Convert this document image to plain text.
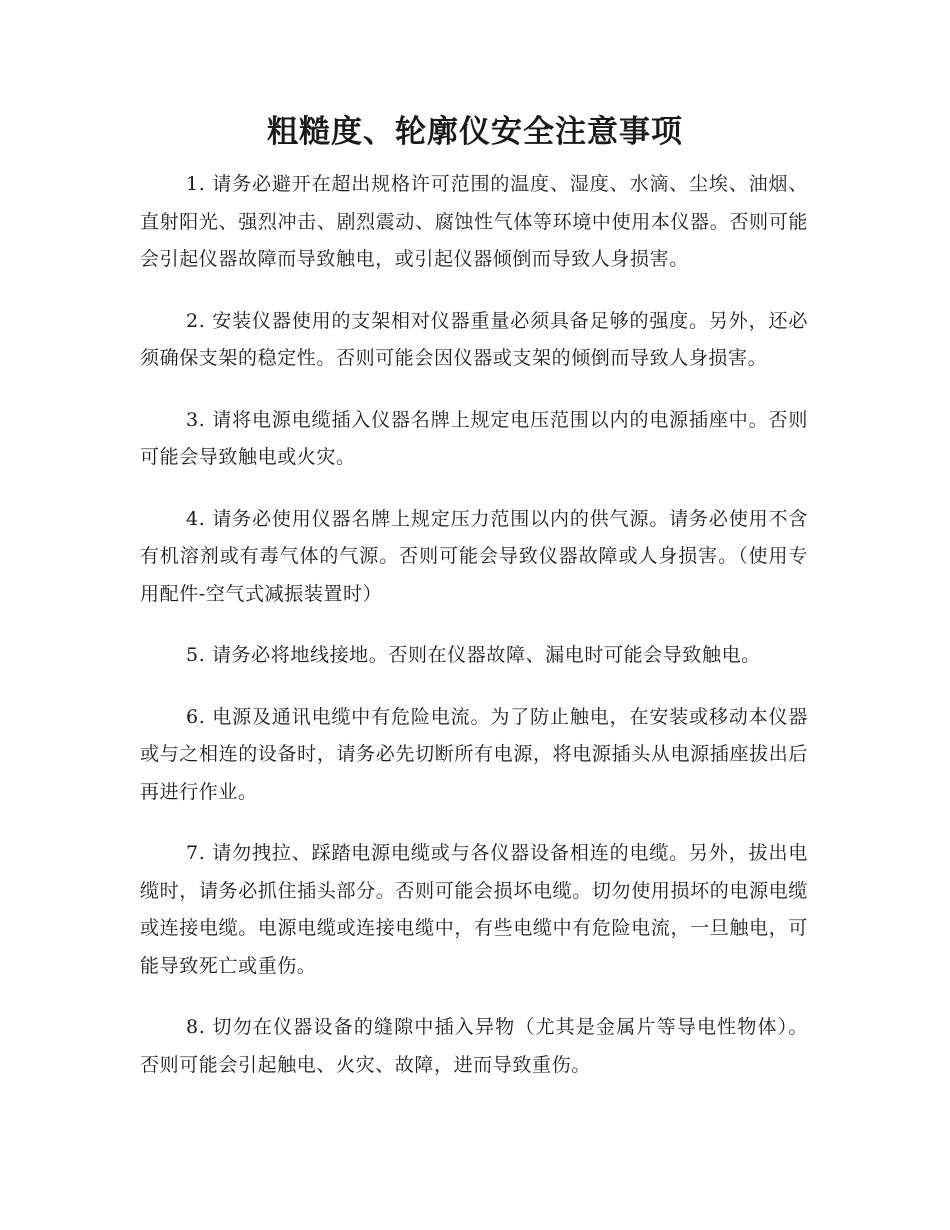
粗糙度、轮廓仪安全注意事项

1. 请务必避开在超出规格许可范围的温度、湿度、水滴、尘埃、油烟、直射阳光、强烈冲击、剧烈震动、腐蚀性气体等环境中使用本仪器。否则可能会引起仪器故障而导致触电，或引起仪器倾倒而导致人身损害。

2. 安装仪器使用的支架相对仪器重量必须具备足够的强度。另外，还必须确保支架的稳定性。否则可能会因仪器或支架的倾倒而导致人身损害。

3. 请将电源电缆插入仪器名牌上规定电压范围以内的电源插座中。否则可能会导致触电或火灾。

4. 请务必使用仪器名牌上规定压力范围以内的供气源。请务必使用不含有机溶剂或有毒气体的气源。否则可能会导致仪器故障或人身损害。（使用专用配件-空气式减振装置时）

5. 请务必将地线接地。否则在仪器故障、漏电时可能会导致触电。

6. 电源及通讯电缆中有危险电流。为了防止触电，在安装或移动本仪器或与之相连的设备时，请务必先切断所有电源，将电源插头从电源插座拔出后再进行作业。

7. 请勿拽拉、踩踏电源电缆或与各仪器设备相连的电缆。另外，拔出电缆时，请务必抓住插头部分。否则可能会损坏电缆。切勿使用损坏的电源电缆或连接电缆。电源电缆或连接电缆中，有些电缆中有危险电流，一旦触电，可能导致死亡或重伤。

8. 切勿在仪器设备的缝隙中插入异物（尤其是金属片等导电性物体）。否则可能会引起触电、火灾、故障，进而导致重伤。
